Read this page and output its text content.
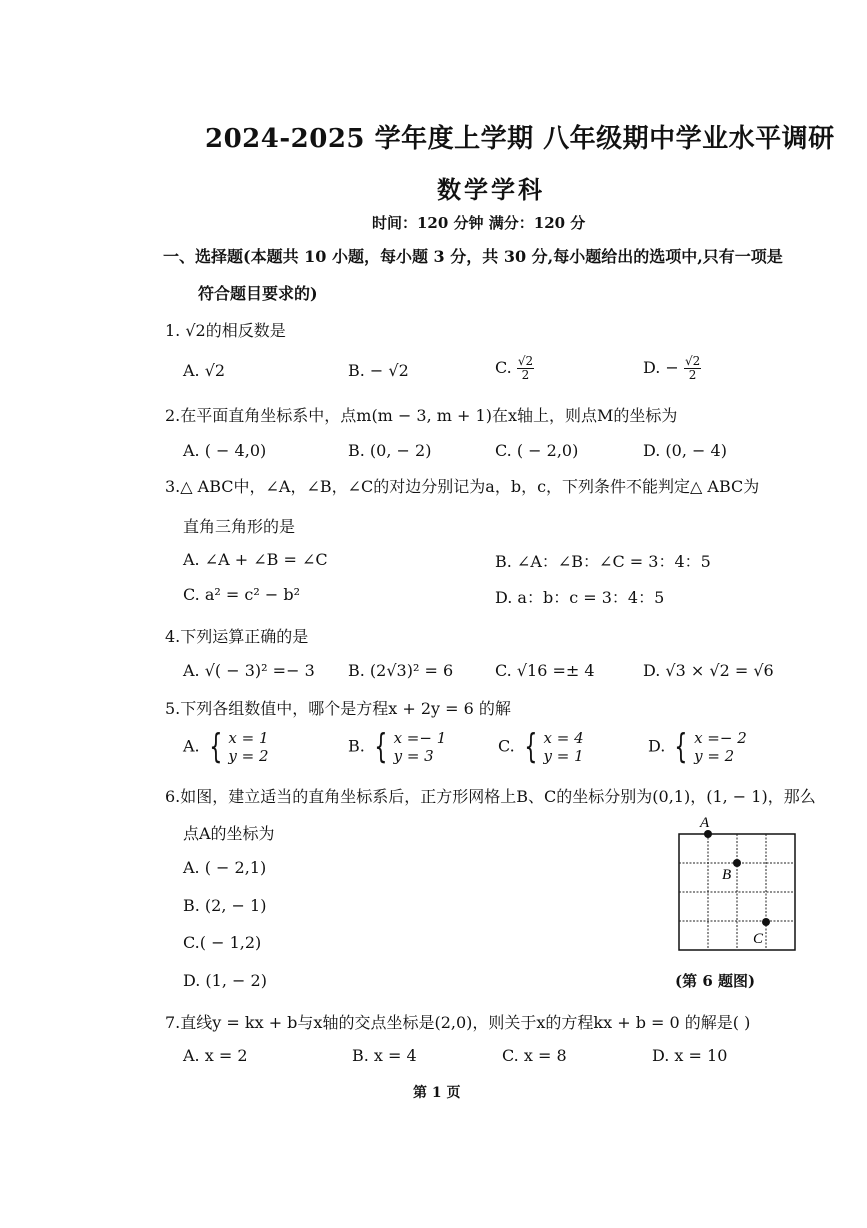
2024-2025 学年度上学期 八年级期中学业水平调研
数学学科
时间：120 分钟 满分：120 分
一、选择题(本题共 10 小题，每小题 3 分，共 30 分,每小题给出的选项中,只有一项是
符合题目要求的)
1. √2的相反数是
A. √2	B. − √2	C. $\frac{√2}{2}$	D. − $\frac{√2}{2}$
2.在平面直角坐标系中，点m(m − 3, m + 1)在x轴上，则点M的坐标为
A. ( − 4,0)	B. (0, − 2)	C. ( − 2,0)	D. (0, − 4)
3.△ ABC中，∠A，∠B，∠C的对边分别记为a，b，c，下列条件不能判定△ ABC为
直角三角形的是
A. ∠A + ∠B = ∠C	B. ∠A：∠B：∠C = 3：4：5
C. a² = c² − b²	D. a：b：c = 3：4：5
4.下列运算正确的是
A. √( − 3)² =− 3 B. (2√3)² = 6	C. √16 =± 4	D. √3 × √2 = √6
5.下列各组数值中，哪个是方程x + 2y = 6 的解
A. { x = 1
y = 2
B. { x =− 1
y = 3
C. { x = 4
y = 1
D. { x =− 2
y = 2
6.如图，建立适当的直角坐标系后，正方形网格上B、C的坐标分别为(0,1)，(1, − 1)，那么
点A的坐标为
A. ( − 2,1)
B. (2, − 1)
C.( − 1,2)
D. (1, − 2)
A
B
C
(第 6 题图)
7.直线y = kx + b与x轴的交点坐标是(2,0)，则关于x的方程kx + b = 0 的解是( )
A. x = 2	B. x = 4	C. x = 8	D. x = 10
第 1 页
